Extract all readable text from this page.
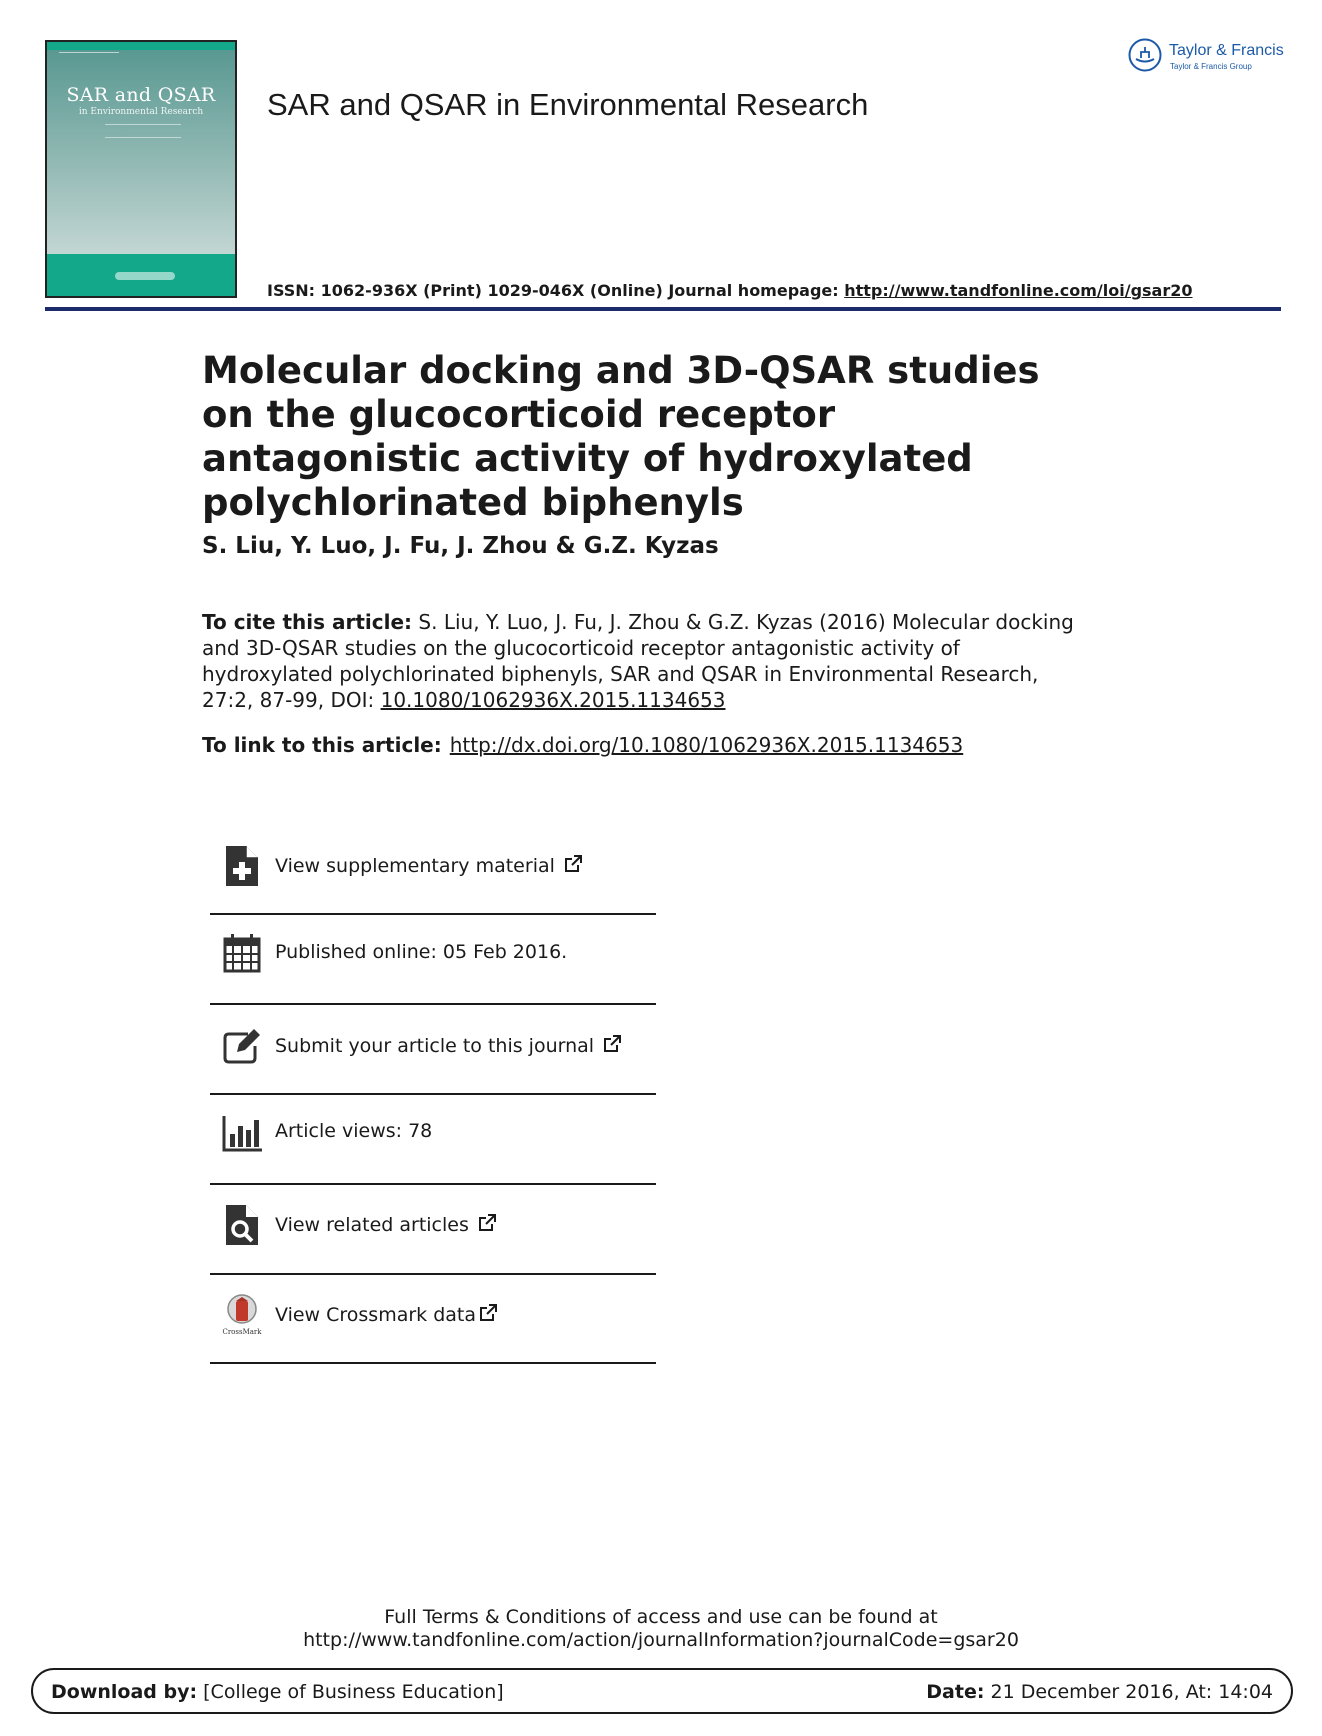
SAR and QSAR
in Environmental Research	SAR and QSAR in Environmental Research
Taylor & Francis
Taylor & Francis Group
ISSN: 1062-936X (Print) 1029-046X (Online) Journal homepage: http://www.tandfonline.com/loi/gsar20
Molecular docking and 3D-QSAR studies on the glucocorticoid receptor antagonistic activity of hydroxylated polychlorinated biphenyls
S. Liu, Y. Luo, J. Fu, J. Zhou & G.Z. Kyzas
To cite this article: S. Liu, Y. Luo, J. Fu, J. Zhou & G.Z. Kyzas (2016) Molecular docking and 3D-QSAR studies on the glucocorticoid receptor antagonistic activity of hydroxylated polychlorinated biphenyls, SAR and QSAR in Environmental Research, 27:2, 87-99, DOI: 10.1080/1062936X.2015.1134653
To link to this article: http://dx.doi.org/10.1080/1062936X.2015.1134653
View supplementary material
Published online: 05 Feb 2016.
Submit your article to this journal
Article views: 78
View related articles
CrossMark
View Crossmark data
Full Terms & Conditions of access and use can be found at
http://www.tandfonline.com/action/journalInformation?journalCode=gsar20
Download by: [College of Business Education]	Date: 21 December 2016, At: 14:04
